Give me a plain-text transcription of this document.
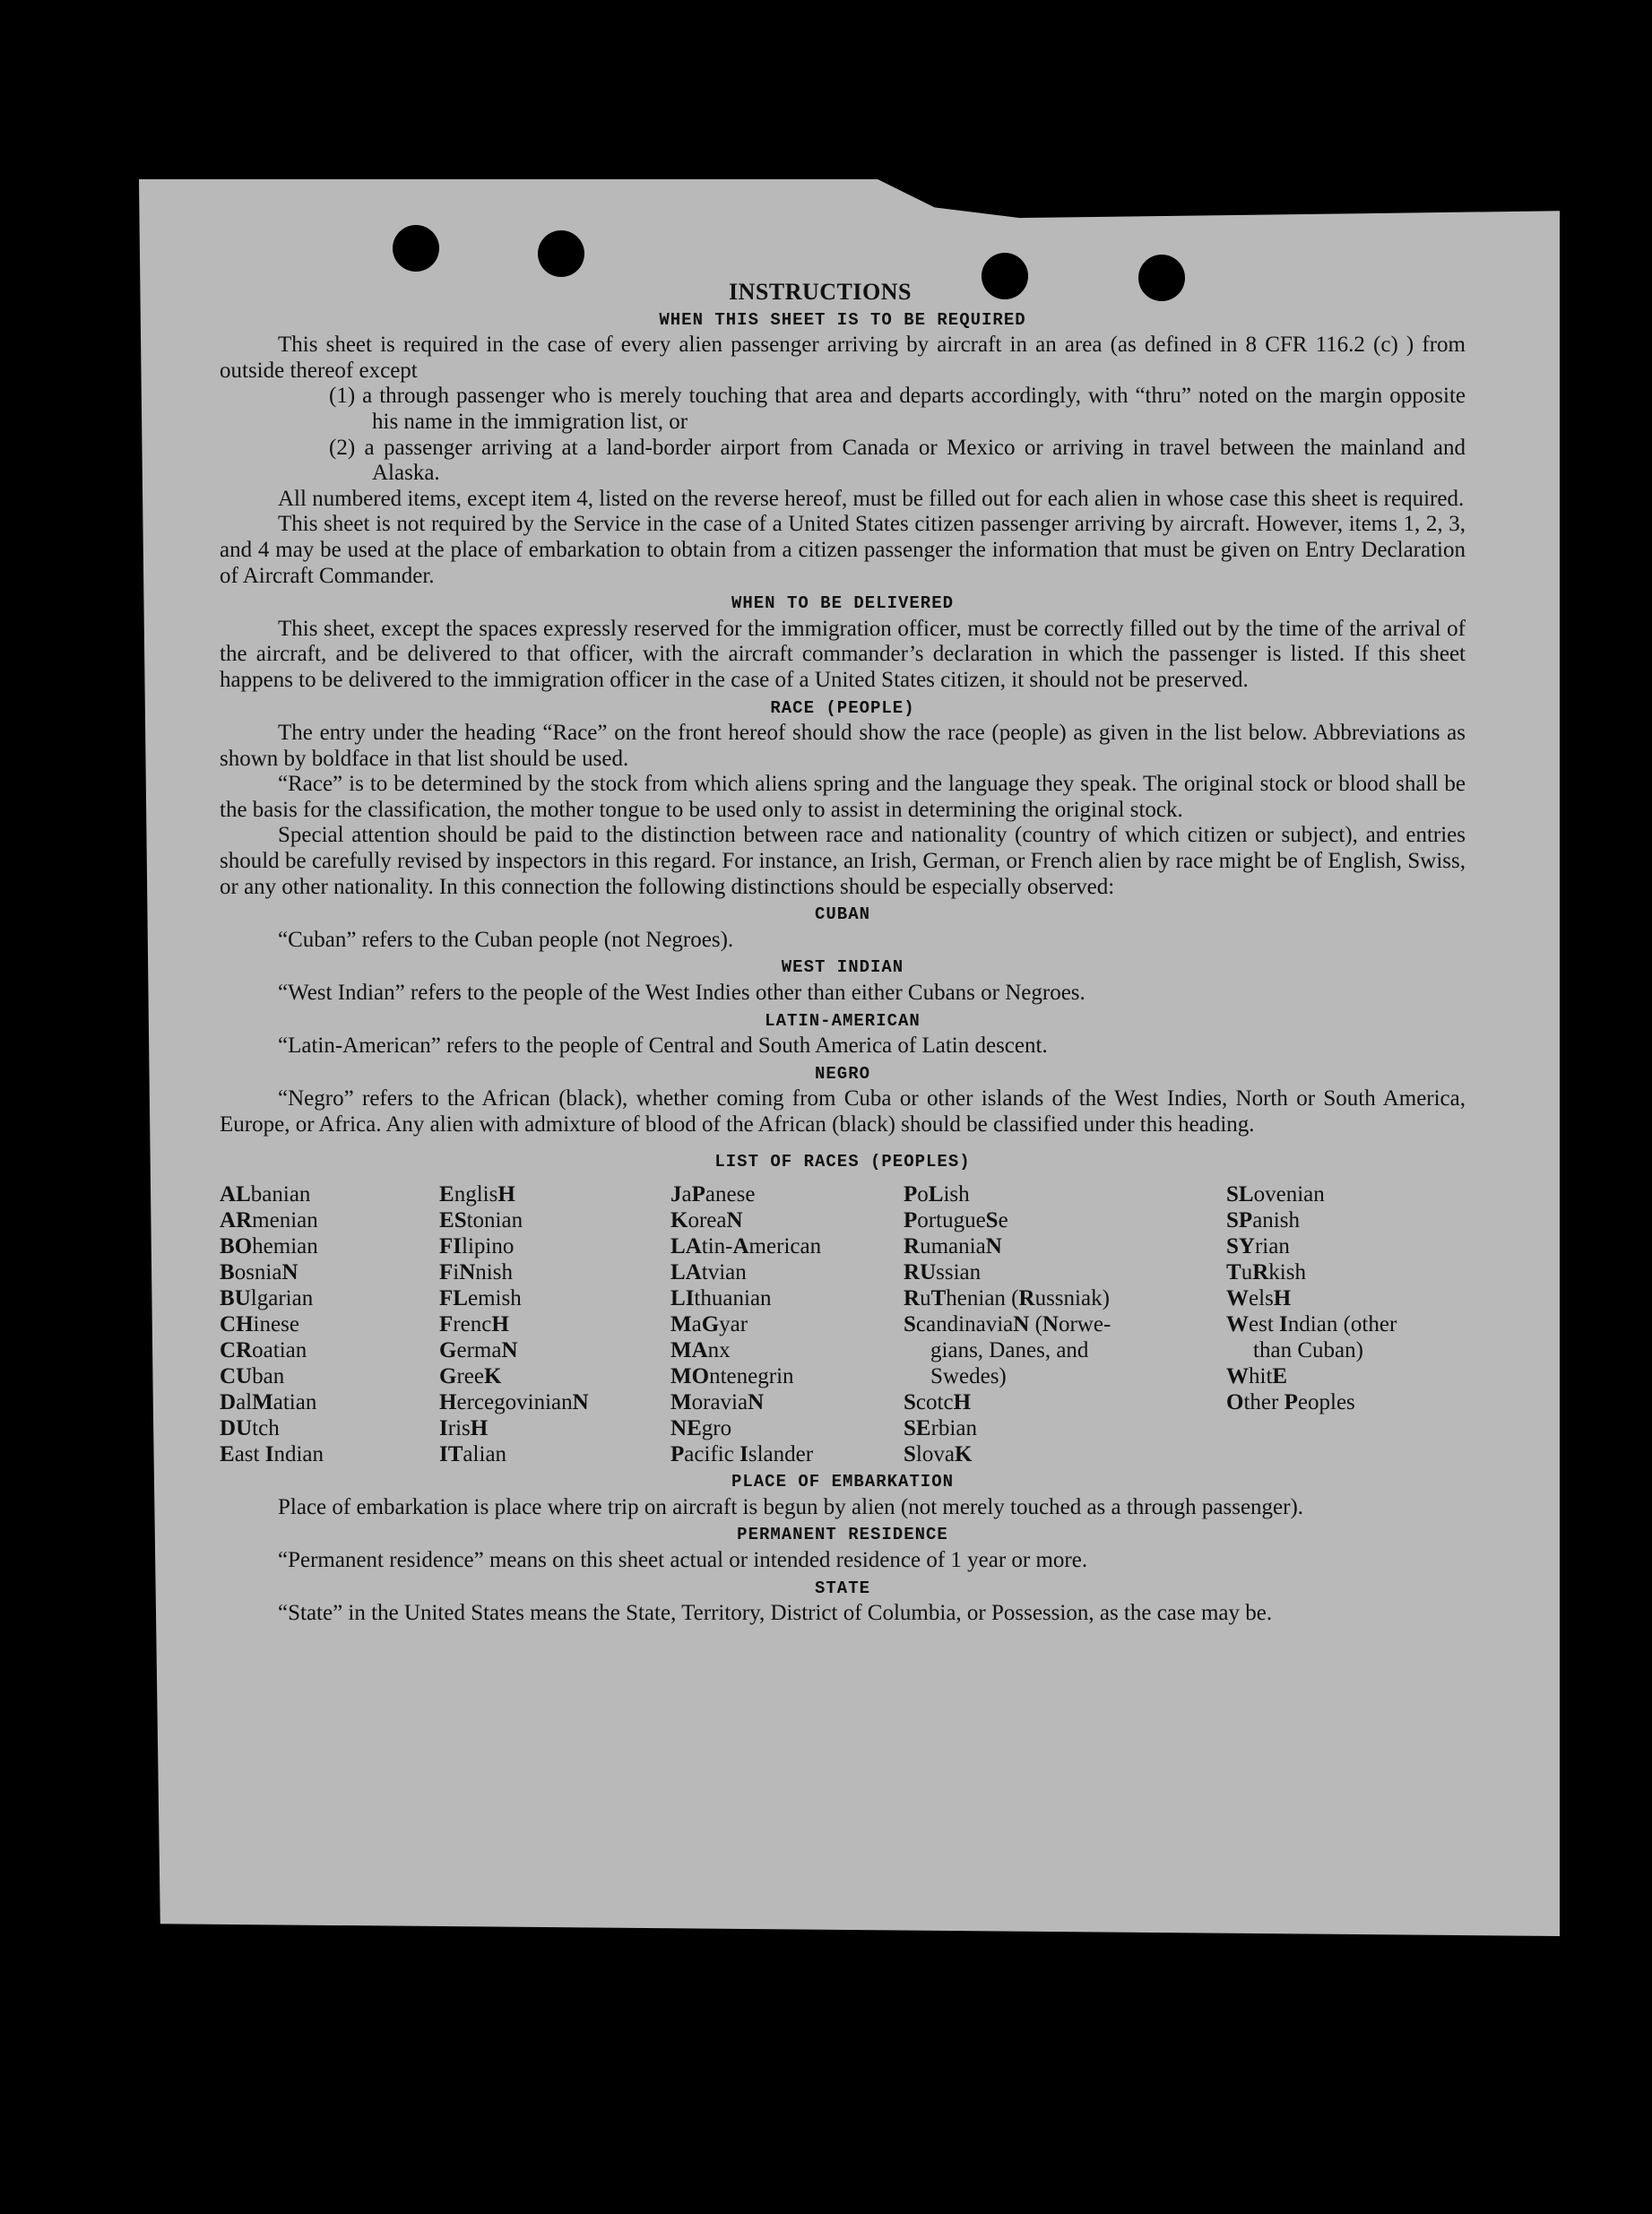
INSTRUCTIONS
WHEN THIS SHEET IS TO BE REQUIRED

This sheet is required in the case of every alien passenger arriving by aircraft in an area (as defined in 8 CFR 116.2 (c) ) from outside thereof except

(1) a through passenger who is merely touching that area and departs accordingly, with “thru” noted on the margin opposite his name in the immigration list, or

(2) a passenger arriving at a land-border airport from Canada or Mexico or arriving in travel between the mainland and Alaska.

All numbered items, except item 4, listed on the reverse hereof, must be filled out for each alien in whose case this sheet is required.

This sheet is not required by the Service in the case of a United States citizen passenger arriving by aircraft. However, items 1, 2, 3, and 4 may be used at the place of embarkation to obtain from a citizen passenger the information that must be given on Entry Declaration of Aircraft Commander.

WHEN TO BE DELIVERED

This sheet, except the spaces expressly reserved for the immigration officer, must be correctly filled out by the time of the arrival of the aircraft, and be delivered to that officer, with the aircraft commander’s declaration in which the passenger is listed. If this sheet happens to be delivered to the immigration officer in the case of a United States citizen, it should not be preserved.

RACE (PEOPLE)

The entry under the heading “Race” on the front hereof should show the race (people) as given in the list below. Abbreviations as shown by boldface in that list should be used.

“Race” is to be determined by the stock from which aliens spring and the language they speak. The original stock or blood shall be the basis for the classification, the mother tongue to be used only to assist in determining the original stock.

Special attention should be paid to the distinction between race and nationality (country of which citizen or subject), and entries should be carefully revised by inspectors in this regard. For instance, an Irish, German, or French alien by race might be of English, Swiss, or any other nationality. In this connection the following distinctions should be especially observed:

CUBAN

“Cuban” refers to the Cuban people (not Negroes).

WEST INDIAN

“West Indian” refers to the people of the West Indies other than either Cubans or Negroes.

LATIN-AMERICAN

“Latin-American” refers to the people of Central and South America of Latin descent.

NEGRO

“Negro” refers to the African (black), whether coming from Cuba or other islands of the West Indies, North or South America, Europe, or Africa. Any alien with admixture of blood of the African (black) should be classified under this heading.

LIST OF RACES (PEOPLES)
ALbanian
ARmenian
BOhemian
BosniaN
BUlgarian
CHinese
CRoatian
CUban
DalMatian
DUtch
East Indian
EnglisH
EStonian
FIlipino
FiNnish
FLemish
FrencH
GermaN
GreeK
HercegovinianN
IrisH
ITalian
JaPanese
KoreaN
LAtin-American
LAtvian
LIthuanian
MaGyar
MAnx
MOntenegrin
MoraviaN
NEgro
Pacific Islander
PoLish
PortugueSe
RumaniaN
RUssian
RuThenian (Russniak)
ScandinaviaN (Norwe-
gians, Danes, and
Swedes)
ScotcH
SErbian
SlovaK
SLovenian
SPanish
SYrian
TuRkish
WelsH
West Indian (other
than Cuban)
WhitE
Other Peoples
PLACE OF EMBARKATION

Place of embarkation is place where trip on aircraft is begun by alien (not merely touched as a through passenger).

PERMANENT RESIDENCE

“Permanent residence” means on this sheet actual or intended residence of 1 year or more.

STATE

“State” in the United States means the State, Territory, District of Columbia, or Possession, as the case may be.
